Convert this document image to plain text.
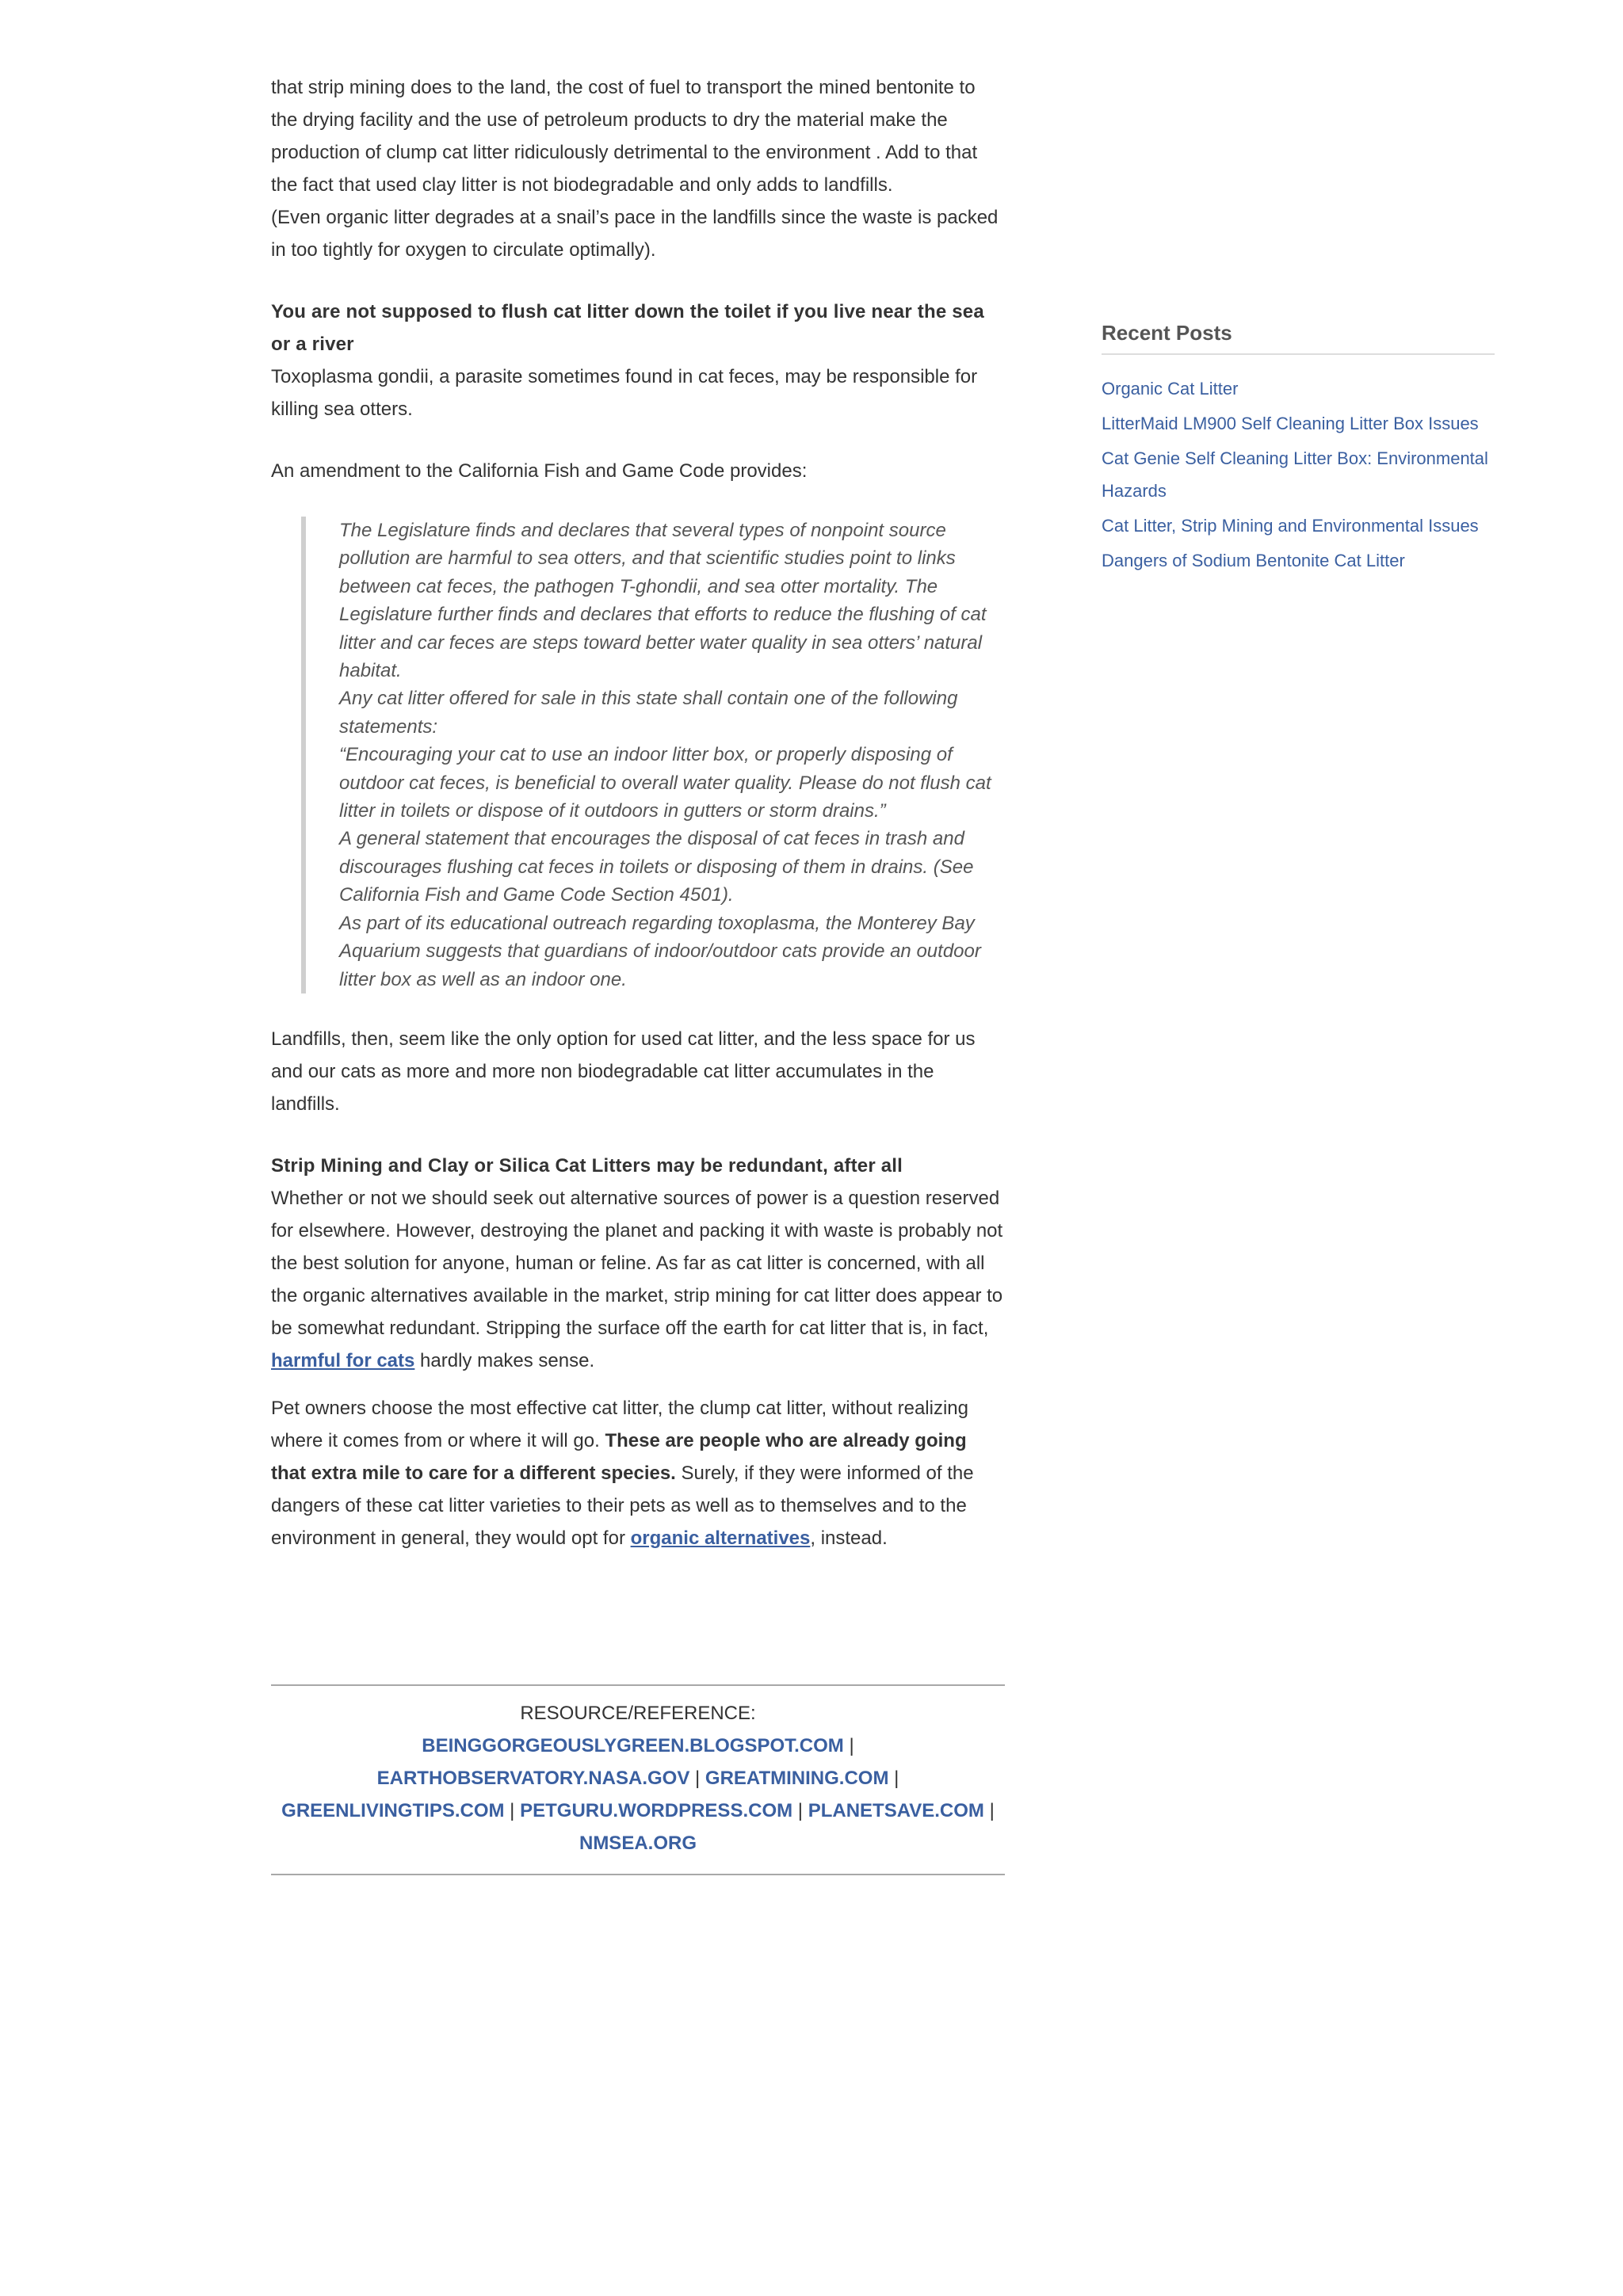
that strip mining does to the land, the cost of fuel to transport the mined bentonite to the drying facility and the use of petroleum products to dry the material make the production of clump cat litter ridiculously detrimental to the environment . Add to that the fact that used clay litter is not biodegradable and only adds to landfills.

(Even organic litter degrades at a snail’s pace in the landfills since the waste is packed in too tightly for oxygen to circulate optimally).

You are not supposed to flush cat litter down the toilet if you live near the sea or a river

Toxoplasma gondii, a parasite sometimes found in cat feces, may be responsible for killing sea otters.

An amendment to the California Fish and Game Code provides:

The Legislature finds and declares that several types of nonpoint source pollution are harmful to sea otters, and that scientific studies point to links between cat feces, the pathogen T-ghondii, and sea otter mortality. The Legislature further finds and declares that efforts to reduce the flushing of cat litter and car feces are steps toward better water quality in sea otters’ natural habitat.

Any cat litter offered for sale in this state shall contain one of the following statements:

“Encouraging your cat to use an indoor litter box, or properly disposing of outdoor cat feces, is beneficial to overall water quality. Please do not flush cat litter in toilets or dispose of it outdoors in gutters or storm drains.”

A general statement that encourages the disposal of cat feces in trash and discourages flushing cat feces in toilets or disposing of them in drains. (See California Fish and Game Code Section 4501).

As part of its educational outreach regarding toxoplasma, the Monterey Bay Aquarium suggests that guardians of indoor/outdoor cats provide an outdoor litter box as well as an indoor one.

Landfills, then, seem like the only option for used cat litter, and the less space for us and our cats as more and more non biodegradable cat litter accumulates in the landfills.

Strip Mining and Clay or Silica Cat Litters may be redundant, after all

Whether or not we should seek out alternative sources of power is a question reserved for elsewhere. However, destroying the planet and packing it with waste is probably not the best solution for anyone, human or feline. As far as cat litter is concerned, with all the organic alternatives available in the market, strip mining for cat litter does appear to be somewhat redundant. Stripping the surface off the earth for cat litter that is, in fact, harmful for cats hardly makes sense.

Pet owners choose the most effective cat litter, the clump cat litter, without realizing where it comes from or where it will go. These are people who are already going that extra mile to care for a different species. Surely, if they were informed of the dangers of these cat litter varieties to their pets as well as to themselves and to the environment in general, they would opt for organic alternatives, instead.

RESOURCE/REFERENCE:
BEINGGORGEOUSLYGREEN.BLOGSPOT.COM |
EARTHOBSERVATORY.NASA.GOV | GREATMINING.COM |
GREENLIVINGTIPS.COM | PETGURU.WORDPRESS.COM | PLANETSAVE.COM |
NMSEA.ORG
Recent Posts
Organic Cat Litter
LitterMaid LM900 Self Cleaning Litter Box Issues
Cat Genie Self Cleaning Litter Box: Environmental Hazards
Cat Litter, Strip Mining and Environmental Issues
Dangers of Sodium Bentonite Cat Litter
